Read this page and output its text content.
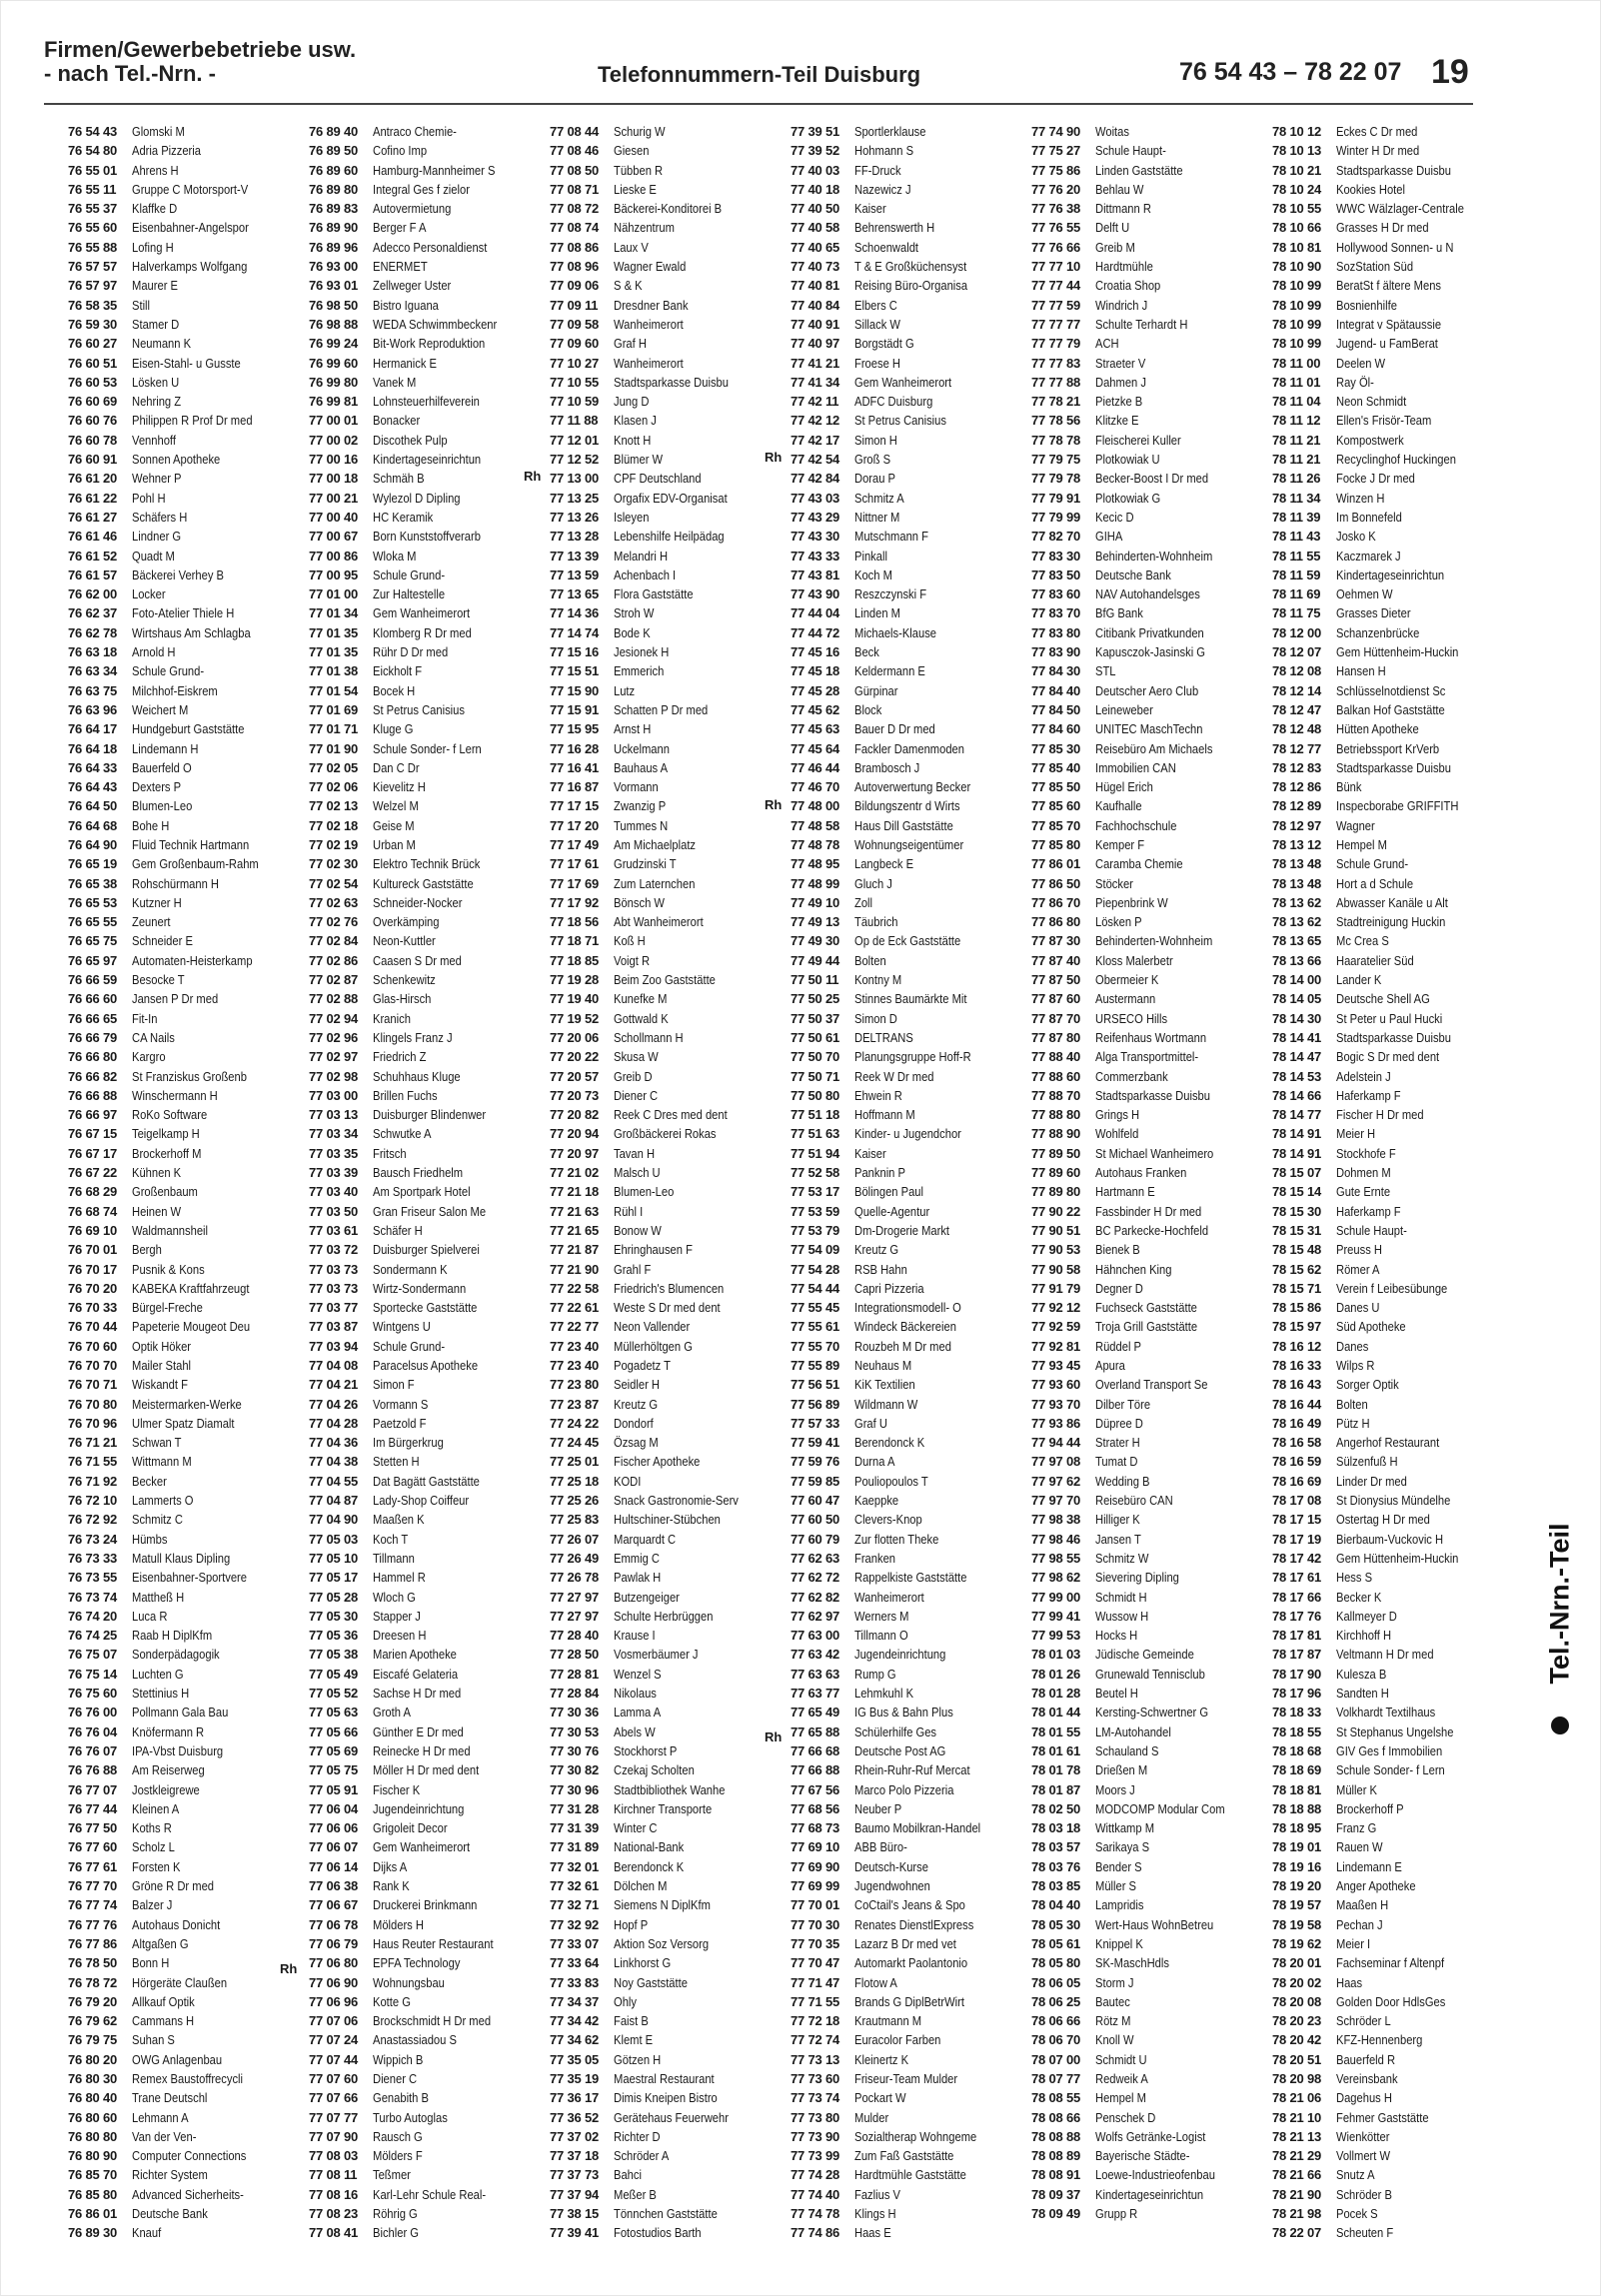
Firmen/Gewerbebetriebe usw.
- nach Tel.-Nrn. -	Telefonnummern-Teil Duisburg	76 54 43 – 78 22 07 19
76 54 43 Glomski M
76 54 80 Adria Pizzeria
76 55 01 Ahrens H
76 55 11 Gruppe C Motorsport-V
76 55 37 Klaffke D
76 55 60 Eisenbahner-Angelspor
76 55 88 Lofing H
76 57 57 Halverkamps Wolfgang
76 57 97 Maurer E
76 58 35 Still
76 59 30 Stamer D
76 60 27 Neumann K
76 60 51 Eisen-Stahl- u Gusste
76 60 53 Lösken U
76 60 69 Nehring Z
76 60 76 Philippen R Prof Dr med
76 60 78 Vennhoff
76 60 91 Sonnen Apotheke
76 61 20 Wehner P
76 61 22 Pohl H
76 61 27 Schäfers H
76 61 46 Lindner G
76 61 52 Quadt M
76 61 57 Bäckerei Verhey B
76 62 00 Locker
76 62 37 Foto-Atelier Thiele H
76 62 78 Wirtshaus Am Schlagba
76 63 18 Arnold H
76 63 34 Schule Grund-
76 63 75 Milchhof-Eiskrem
76 63 96 Weichert M
76 64 17 Hundgeburt Gaststätte
76 64 18 Lindemann H
76 64 33 Bauerfeld O
76 64 43 Dexters P
76 64 50 Blumen-Leo
76 64 68 Bohe H
76 64 90 Fluid Technik Hartmann
76 65 19 Gem Großenbaum-Rahm
76 65 38 Rohschürmann H
76 65 53 Kutzner H
76 65 55 Zeunert
76 65 75 Schneider E
76 65 97 Automaten-Heisterkamp
76 66 59 Besocke T
76 66 60 Jansen P Dr med
76 66 65 Fit-In
76 66 79 CA Nails
76 66 80 Kargro
76 66 82 St Franziskus Großenb
76 66 88 Winschermann H
76 66 97 RoKo Software
76 67 15 Teigelkamp H
76 67 17 Brockerhoff M
76 67 22 Kühnen K
76 68 29 Großenbaum
76 68 74 Heinen W
76 69 10 Waldmannsheil
76 70 01 Bergh
76 70 17 Pusnik & Kons
76 70 20 KABEKA Kraftfahrzeugt
76 70 33 Bürgel-Freche
76 70 44 Papeterie Mougeot Deu
76 70 60 Optik Höker
76 70 70 Mailer Stahl
76 70 71 Wiskandt F
76 70 80 Meistermarken-Werke
76 70 96 Ulmer Spatz Diamalt
76 71 21 Schwan T
76 71 55 Wittmann M
76 71 92 Becker
76 72 10 Lammerts O
76 72 92 Schmitz C
76 73 24 Hümbs
76 73 33 Matull Klaus Dipling
76 73 55 Eisenbahner-Sportvere
76 73 74 Mattheß H
76 74 20 Luca R
76 74 25 Raab H DiplKfm
76 75 07 Sonderpädagogik
76 75 14 Luchten G
76 75 60 Stettinius H
76 76 00 Pollmann Gala Bau
76 76 04 Knöfermann R
76 76 07 IPA-Vbst Duisburg
76 76 88 Am Reiserweg
76 77 07 Jostkleigrewe
76 77 44 Kleinen A
76 77 50 Koths R
76 77 60 Scholz L
76 77 61 Forsten K
76 77 70 Gröne R Dr med
76 77 74 Balzer J
76 77 76 Autohaus Donicht
76 77 86 Altgaßen G
76 78 50 Bonn H
76 78 72 Hörgeräte Claußen
76 79 20 Allkauf Optik
76 79 62 Cammans H
76 79 75 Suhan S
76 80 20 OWG Anlagenbau
76 80 30 Remex Baustoffrecycli
76 80 40 Trane Deutschl
76 80 60 Lehmann A
76 80 80 Van der Ven-
76 80 90 Computer Connections
76 85 70 Richter System
76 85 80 Advanced Sicherheits-
76 86 01 Deutsche Bank
76 89 30 Knauf
76 89 40 Antraco Chemie-
76 89 50 Cofino Imp
76 89 60 Hamburg-Mannheimer S
76 89 80 Integral Ges f zielor
76 89 83 Autovermietung
76 89 90 Berger F A
76 89 96 Adecco Personaldienst
76 93 00 ENERMET
76 93 01 Zellweger Uster
76 98 50 Bistro Iguana
76 98 88 WEDA Schwimmbeckenr
76 99 24 Bit-Work Reproduktion
76 99 60 Hermanick E
76 99 80 Vanek M
76 99 81 Lohnsteuerhilfeverein
77 00 01 Bonacker
77 00 02 Discothek Pulp
77 00 16 Kindertageseinrichtun
77 00 18 Schmäh B
77 00 21 Wylezol D Dipling
77 00 40 HC Keramik
77 00 67 Born Kunststoffverarb
77 00 86 Wloka M
77 00 95 Schule Grund-
77 01 00 Zur Haltestelle
77 01 34 Gem Wanheimerort
77 01 35 Klomberg R Dr med
77 01 35 Rühr D Dr med
77 01 38 Eickholt F
77 01 54 Bocek H
77 01 69 St Petrus Canisius
77 01 71 Kluge G
77 01 90 Schule Sonder- f Lern
77 02 05 Dan C Dr
77 02 06 Kievelitz H
77 02 13 Welzel M
77 02 18 Geise M
77 02 19 Urban M
77 02 30 Elektro Technik Brück
77 02 54 Kultureck Gaststätte
77 02 63 Schneider-Nocker
77 02 76 Overkämping
77 02 84 Neon-Kuttler
77 02 86 Caasen S Dr med
77 02 87 Schenkewitz
77 02 88 Glas-Hirsch
77 02 94 Kranich
77 02 96 Klingels Franz J
77 02 97 Friedrich Z
77 02 98 Schuhhaus Kluge
77 03 00 Brillen Fuchs
77 03 13 Duisburger Blindenwer
77 03 34 Schwutke A
77 03 35 Fritsch
77 03 39 Bausch Friedhelm
77 03 40 Am Sportpark Hotel
77 03 50 Gran Friseur Salon Me
77 03 61 Schäfer H
77 03 72 Duisburger Spielverei
77 03 73 Sondermann K
77 03 73 Wirtz-Sondermann
77 03 77 Sportecke Gaststätte
77 03 87 Wintgens U
77 03 94 Schule Grund-
77 04 08 Paracelsus Apotheke
77 04 21 Simon F
77 04 26 Vormann S
77 04 28 Paetzold F
77 04 36 Im Bürgerkrug
77 04 38 Stetten H
77 04 55 Dat Bagätt Gaststätte
77 04 87 Lady-Shop Coiffeur
77 04 90 Maaßen K
77 05 03 Koch T
77 05 10 Tillmann
77 05 17 Hammel R
77 05 28 Wloch G
77 05 30 Stapper J
77 05 36 Dreesen H
77 05 38 Marien Apotheke
77 05 49 Eiscafé Gelateria
77 05 52 Sachse H Dr med
77 05 63 Groth A
77 05 66 Günther E Dr med
77 05 69 Reinecke H Dr med
77 05 75 Möller H Dr med dent
77 05 91 Fischer K
77 06 04 Jugendeinrichtung
77 06 06 Grigoleit Decor
77 06 07 Gem Wanheimerort
77 06 14 Dijks A
77 06 38 Rank K
77 06 67 Druckerei Brinkmann
77 06 78 Mölders H
77 06 79 Haus Reuter Restaurant
77 06 80 EPFA Technology
77 06 90 Wohnungsbau
77 06 96 Kotte G
77 07 06 Brockschmidt H Dr med
77 07 24 Anastassiadou S
77 07 44 Wippich B
77 07 60 Diener C
77 07 66 Genabith B
77 07 77 Turbo Autoglas
77 07 90 Rausch G
77 08 03 Mölders F
77 08 11 Teßmer
77 08 16 Karl-Lehr Schule Real-
77 08 23 Röhrig G
77 08 41 Bichler G
77 08 44 Schurig W
77 08 46 Giesen
77 08 50 Tübben R
77 08 71 Lieske E
77 08 72 Bäckerei-Konditorei B
77 08 74 Nähzentrum
77 08 86 Laux V
77 08 96 Wagner Ewald
77 09 06 S & K
77 09 11 Dresdner Bank
77 09 58 Wanheimerort
77 09 60 Graf H
77 10 27 Wanheimerort
77 10 55 Stadtsparkasse Duisbu
77 10 59 Jung D
77 11 88 Klasen J
77 12 01 Knott H
77 12 52 Blümer W
77 13 00 CPF Deutschland
77 13 25 Orgafix EDV-Organisat
77 13 26 Isleyen
77 13 28 Lebenshilfe Heilpädag
77 13 39 Melandri H
77 13 59 Achenbach I
77 13 65 Flora Gaststätte
77 14 36 Stroh W
77 14 74 Bode K
77 15 16 Jesionek H
77 15 51 Emmerich
77 15 90 Lutz
77 15 91 Schatten P Dr med
77 15 95 Arnst H
77 16 28 Uckelmann
77 16 41 Bauhaus A
77 16 87 Vormann
77 17 15 Zwanzig P
77 17 20 Tummes N
77 17 49 Am Michaelplatz
77 17 61 Grudzinski T
77 17 69 Zum Laternchen
77 17 92 Bönsch W
77 18 56 Abt Wanheimerort
77 18 71 Koß H
77 18 85 Voigt R
77 19 28 Beim Zoo Gaststätte
77 19 40 Kunefke M
77 19 52 Gottwald K
77 20 06 Schollmann H
77 20 22 Skusa W
77 20 57 Greib D
77 20 73 Diener C
77 20 82 Reek C Dres med dent
77 20 94 Großbäckerei Rokas
77 20 97 Tavan H
77 21 02 Malsch U
77 21 18 Blumen-Leo
77 21 63 Rühl I
77 21 65 Bonow W
77 21 87 Ehringhausen F
77 21 90 Grahl F
77 22 58 Friedrich's Blumencen
77 22 61 Weste S Dr med dent
77 22 77 Neon Vallender
77 23 40 Müllerhöltgen G
77 23 40 Pogadetz T
77 23 80 Seidler H
77 23 87 Kreutz G
77 24 22 Dondorf
77 24 45 Özsag M
77 25 01 Fischer Apotheke
77 25 18 KODI
77 25 26 Snack Gastronomie-Serv
77 25 83 Hultschiner-Stübchen
77 26 07 Marquardt C
77 26 49 Emmig C
77 26 78 Pawlak H
77 27 97 Butzengeiger
77 27 97 Schulte Herbrüggen
77 28 40 Krause I
77 28 50 Vosmerbäumer J
77 28 81 Wenzel S
77 28 84 Nikolaus
77 30 36 Lamma A
77 30 53 Abels W
77 30 76 Stockhorst P
77 30 82 Czekaj Scholten
77 30 96 Stadtbibliothek Wanhe
77 31 28 Kirchner Transporte
77 31 39 Winter C
77 31 89 National-Bank
77 32 01 Berendonck K
77 32 61 Dölchen M
77 32 71 Siemens N DiplKfm
77 32 92 Hopf P
77 33 07 Aktion Soz Versorg
77 33 64 Linkhorst G
77 33 83 Noy Gaststätte
77 34 37 Ohly
77 34 42 Faist B
77 34 62 Klemt E
77 35 05 Götzen H
77 35 19 Maestral Restaurant
77 36 17 Dimis Kneipen Bistro
77 36 52 Gerätehaus Feuerwehr
77 37 02 Richter D
77 37 18 Schröder A
77 37 73 Bahci
77 37 94 Meßer B
77 38 15 Tönnchen Gaststätte
77 39 41 Fotostudios Barth
77 39 51 Sportlerklause
77 39 52 Hohmann S
77 40 03 FF-Druck
77 40 18 Nazewicz J
77 40 50 Kaiser
77 40 58 Behrenswerth H
77 40 65 Schoenwaldt
77 40 73 T & E Großküchensyst
77 40 81 Reising Büro-Organisa
77 40 84 Elbers C
77 40 91 Sillack W
77 40 97 Borgstädt G
77 41 21 Froese H
77 41 34 Gem Wanheimerort
77 42 11 ADFC Duisburg
77 42 12 St Petrus Canisius
77 42 17 Simon H
77 42 54 Groß S
77 42 84 Dorau P
77 43 03 Schmitz A
77 43 29 Nittner M
77 43 30 Mutschmann F
77 43 33 Pinkall
77 43 81 Koch M
77 43 90 Reszczynski F
77 44 04 Linden M
77 44 72 Michaels-Klause
77 45 16 Beck
77 45 18 Keldermann E
77 45 28 Gürpinar
77 45 62 Block
77 45 63 Bauer D Dr med
77 45 64 Fackler Damenmoden
77 46 44 Brambosch J
77 46 70 Autoverwertung Becker
77 48 00 Bildungszentr d Wirts
77 48 58 Haus Dill Gaststätte
77 48 78 Wohnungseigentümer
77 48 95 Langbeck E
77 48 99 Gluch J
77 49 10 Zoll
77 49 13 Täubrich
77 49 30 Op de Eck Gaststätte
77 49 44 Bolten
77 50 11 Kontny M
77 50 25 Stinnes Baumärkte Mit
77 50 37 Simon D
77 50 61 DELTRANS
77 50 70 Planungsgruppe Hoff-R
77 50 71 Reek W Dr med
77 50 80 Ehwein R
77 51 18 Hoffmann M
77 51 63 Kinder- u Jugendchor
77 51 94 Kaiser
77 52 58 Panknin P
77 53 17 Bölingen Paul
77 53 59 Quelle-Agentur
77 53 79 Dm-Drogerie Markt
77 54 09 Kreutz G
77 54 28 RSB Hahn
77 54 44 Capri Pizzeria
77 55 45 Integrationsmodell- O
77 55 61 Windeck Bäckereien
77 55 70 Rouzbeh M Dr med
77 55 89 Neuhaus M
77 56 51 KiK Textilien
77 56 89 Wildmann W
77 57 33 Graf U
77 59 41 Berendonck K
77 59 76 Durna A
77 59 85 Pouliopoulos T
77 60 47 Kaeppke
77 60 50 Clevers-Knop
77 60 79 Zur flotten Theke
77 62 63 Franken
77 62 72 Rappelkiste Gaststätte
77 62 82 Wanheimerort
77 62 97 Werners M
77 63 00 Tillmann O
77 63 42 Jugendeinrichtung
77 63 63 Rump G
77 63 77 Lehmkuhl K
77 65 49 IG Bus & Bahn Plus
77 65 88 Schülerhilfe Ges
77 66 68 Deutsche Post AG
77 66 88 Rhein-Ruhr-Ruf Mercat
77 67 56 Marco Polo Pizzeria
77 68 56 Neuber P
77 68 73 Baumo Mobilkran-Handel
77 69 10 ABB Büro-
77 69 90 Deutsch-Kurse
77 69 99 Jugendwohnen
77 70 01 CoCtail's Jeans & Spo
77 70 30 Renates DienstlExpress
77 70 35 Lazarz B Dr med vet
77 70 47 Automarkt Paolantonio
77 71 47 Flotow A
77 71 55 Brands G DiplBetrWirt
77 72 18 Krautmann M
77 72 74 Euracolor Farben
77 73 13 Kleinertz K
77 73 60 Friseur-Team Mulder
77 73 74 Pockart W
77 73 80 Mulder
77 73 90 Sozialtherap Wohngeme
77 73 99 Zum Faß Gaststätte
77 74 28 Hardtmühle Gaststätte
77 74 40 Fazlius V
77 74 78 Klings H
77 74 86 Haas E
77 74 90 Woitas
77 75 27 Schule Haupt-
77 75 86 Linden Gaststätte
77 76 20 Behlau W
77 76 38 Dittmann R
77 76 55 Delft U
77 76 66 Greib M
77 77 10 Hardtmühle
77 77 44 Croatia Shop
77 77 59 Windrich J
77 77 77 Schulte Terhardt H
77 77 79 ACH
77 77 83 Straeter V
77 77 88 Dahmen J
77 78 21 Pietzke B
77 78 56 Klitzke E
77 78 78 Fleischerei Kuller
77 79 75 Plotkowiak U
77 79 78 Becker-Boost I Dr med
77 79 91 Plotkowiak G
77 79 99 Kecic D
77 82 70 GIHA
77 83 30 Behinderten-Wohnheim
77 83 50 Deutsche Bank
77 83 60 NAV Autohandelsges
77 83 70 BfG Bank
77 83 80 Citibank Privatkunden
77 83 90 Kapusczok-Jasinski G
77 84 30 STL
77 84 40 Deutscher Aero Club
77 84 50 Leineweber
77 84 60 UNITEC MaschTechn
77 85 30 Reisebüro Am Michaels
77 85 40 Immobilien CAN
77 85 50 Hügel Erich
77 85 60 Kaufhalle
77 85 70 Fachhochschule
77 85 80 Kemper F
77 86 01 Caramba Chemie
77 86 50 Stöcker
77 86 70 Piepenbrink W
77 86 80 Lösken P
77 87 30 Behinderten-Wohnheim
77 87 40 Kloss Malerbetr
77 87 50 Obermeier K
77 87 60 Austermann
77 87 70 URSECO Hills
77 87 80 Reifenhaus Wortmann
77 88 40 Alga Transportmittel-
77 88 60 Commerzbank
77 88 70 Stadtsparkasse Duisbu
77 88 80 Grings H
77 88 90 Wohlfeld
77 89 50 St Michael Wanheimero
77 89 60 Autohaus Franken
77 89 80 Hartmann E
77 90 22 Fassbinder H Dr med
77 90 51 BC Parkecke-Hochfeld
77 90 53 Bienek B
77 90 58 Hähnchen King
77 91 79 Degner D
77 92 12 Fuchseck Gaststätte
77 92 59 Troja Grill Gaststätte
77 92 81 Rüddel P
77 93 45 Apura
77 93 60 Overland Transport Se
77 93 70 Dilber Töre
77 93 86 Düpree D
77 94 44 Strater H
77 97 08 Tumat D
77 97 62 Wedding B
77 97 70 Reisebüro CAN
77 98 38 Hilliger K
77 98 46 Jansen T
77 98 55 Schmitz W
77 98 62 Sievering Dipling
77 99 00 Schmidt H
77 99 41 Wussow H
77 99 53 Hocks H
78 01 03 Jüdische Gemeinde
78 01 26 Grunewald Tennisclub
78 01 28 Beutel H
78 01 44 Kersting-Schwertner G
78 01 55 LM-Autohandel
78 01 61 Schauland S
78 01 78 Drießen M
78 01 87 Moors J
78 02 50 MODCOMP Modular Com
78 03 18 Wittkamp M
78 03 57 Sarikaya S
78 03 76 Bender S
78 03 85 Müller S
78 04 40 Lampridis
78 05 30 Wert-Haus WohnBetreu
78 05 61 Knippel K
78 05 80 SK-MaschHdls
78 06 05 Storm J
78 06 25 Bautec
78 06 66 Rötz M
78 06 70 Knoll W
78 07 00 Schmidt U
78 07 77 Redweik A
78 08 55 Hempel M
78 08 66 Penschek D
78 08 88 Wolfs Getränke-Logist
78 08 89 Bayerische Städte-
78 08 91 Loewe-Industrieofenbau
78 09 37 Kindertageseinrichtun
78 09 49 Grupp R
78 10 12 Eckes C Dr med
78 10 13 Winter H Dr med
78 10 21 Stadtsparkasse Duisbu
78 10 24 Kookies Hotel
78 10 55 WWC Wälzlager-Centrale
78 10 66 Grasses H Dr med
78 10 81 Hollywood Sonnen- u N
78 10 90 SozStation Süd
78 10 99 BeratSt f ältere Mens
78 10 99 Bosnienhilfe
78 10 99 Integrat v Spätaussie
78 10 99 Jugend- u FamBerat
78 11 00 Deelen W
78 11 01 Ray Öl-
78 11 04 Neon Schmidt
78 11 12 Ellen's Frisör-Team
78 11 21 Kompostwerk
78 11 21 Recyclinghof Huckingen
78 11 26 Focke J Dr med
78 11 34 Winzen H
78 11 39 Im Bonnefeld
78 11 43 Josko K
78 11 55 Kaczmarek J
78 11 59 Kindertageseinrichtun
78 11 69 Oehmen W
78 11 75 Grasses Dieter
78 12 00 Schanzenbrücke
78 12 07 Gem Hüttenheim-Huckin
78 12 08 Hansen H
78 12 14 Schlüsselnotdienst Sc
78 12 47 Balkan Hof Gaststätte
78 12 48 Hütten Apotheke
78 12 77 Betriebssport KrVerb
78 12 83 Stadtsparkasse Duisbu
78 12 86 Bünk
78 12 89 Inspecborabe GRIFFITH
78 12 97 Wagner
78 13 12 Hempel M
78 13 48 Schule Grund-
78 13 48 Hort a d Schule
78 13 62 Abwasser Kanäle u Alt
78 13 62 Stadtreinigung Huckin
78 13 65 Mc Crea S
78 13 66 Haaratelier Süd
78 14 00 Lander K
78 14 05 Deutsche Shell AG
78 14 30 St Peter u Paul Hucki
78 14 41 Stadtsparkasse Duisbu
78 14 47 Bogic S Dr med dent
78 14 53 Adelstein J
78 14 66 Haferkamp F
78 14 77 Fischer H Dr med
78 14 91 Meier H
78 14 91 Stockhofe F
78 15 07 Dohmen M
78 15 14 Gute Ernte
78 15 30 Haferkamp F
78 15 31 Schule Haupt-
78 15 48 Preuss H
78 15 62 Römer A
78 15 71 Verein f Leibesübunge
78 15 86 Danes U
78 15 97 Süd Apotheke
78 16 12 Danes
78 16 33 Wilps R
78 16 43 Sorger Optik
78 16 44 Bolten
78 16 49 Pütz H
78 16 58 Angerhof Restaurant
78 16 59 Sülzenfuß H
78 16 69 Linder Dr med
78 17 08 St Dionysius Mündelhe
78 17 15 Ostertag H Dr med
78 17 19 Bierbaum-Vuckovic H
78 17 42 Gem Hüttenheim-Huckin
78 17 61 Hess S
78 17 66 Becker K
78 17 76 Kallmeyer D
78 17 81 Kirchhoff H
78 17 87 Veltmann H Dr med
78 17 90 Kulesza B
78 17 96 Sandten H
78 18 33 Volkhardt Textilhaus
78 18 55 St Stephanus Ungelshe
78 18 68 GIV Ges f Immobilien
78 18 69 Schule Sonder- f Lern
78 18 81 Müller K
78 18 88 Brockerhoff P
78 18 95 Franz G
78 19 01 Rauen W
78 19 16 Lindemann E
78 19 20 Anger Apotheke
78 19 57 Maaßen H
78 19 58 Pechan J
78 19 62 Meier I
78 20 01 Fachseminar f Altenpf
78 20 02 Haas
78 20 08 Golden Door HdlsGes
78 20 23 Schröder L
78 20 42 KFZ-Hennenberg
78 20 51 Bauerfeld R
78 20 98 Vereinsbank
78 21 06 Dagehus H
78 21 10 Fehmer Gaststätte
78 21 13 Wienkötter
78 21 29 Vollmert W
78 21 66 Snutz A
78 21 90 Schröder B
78 21 98 Pocek S
78 22 07 Scheuten F
Rh
Rh
Rh
Rh
Rh
Tel.-Nrn.-Teil
